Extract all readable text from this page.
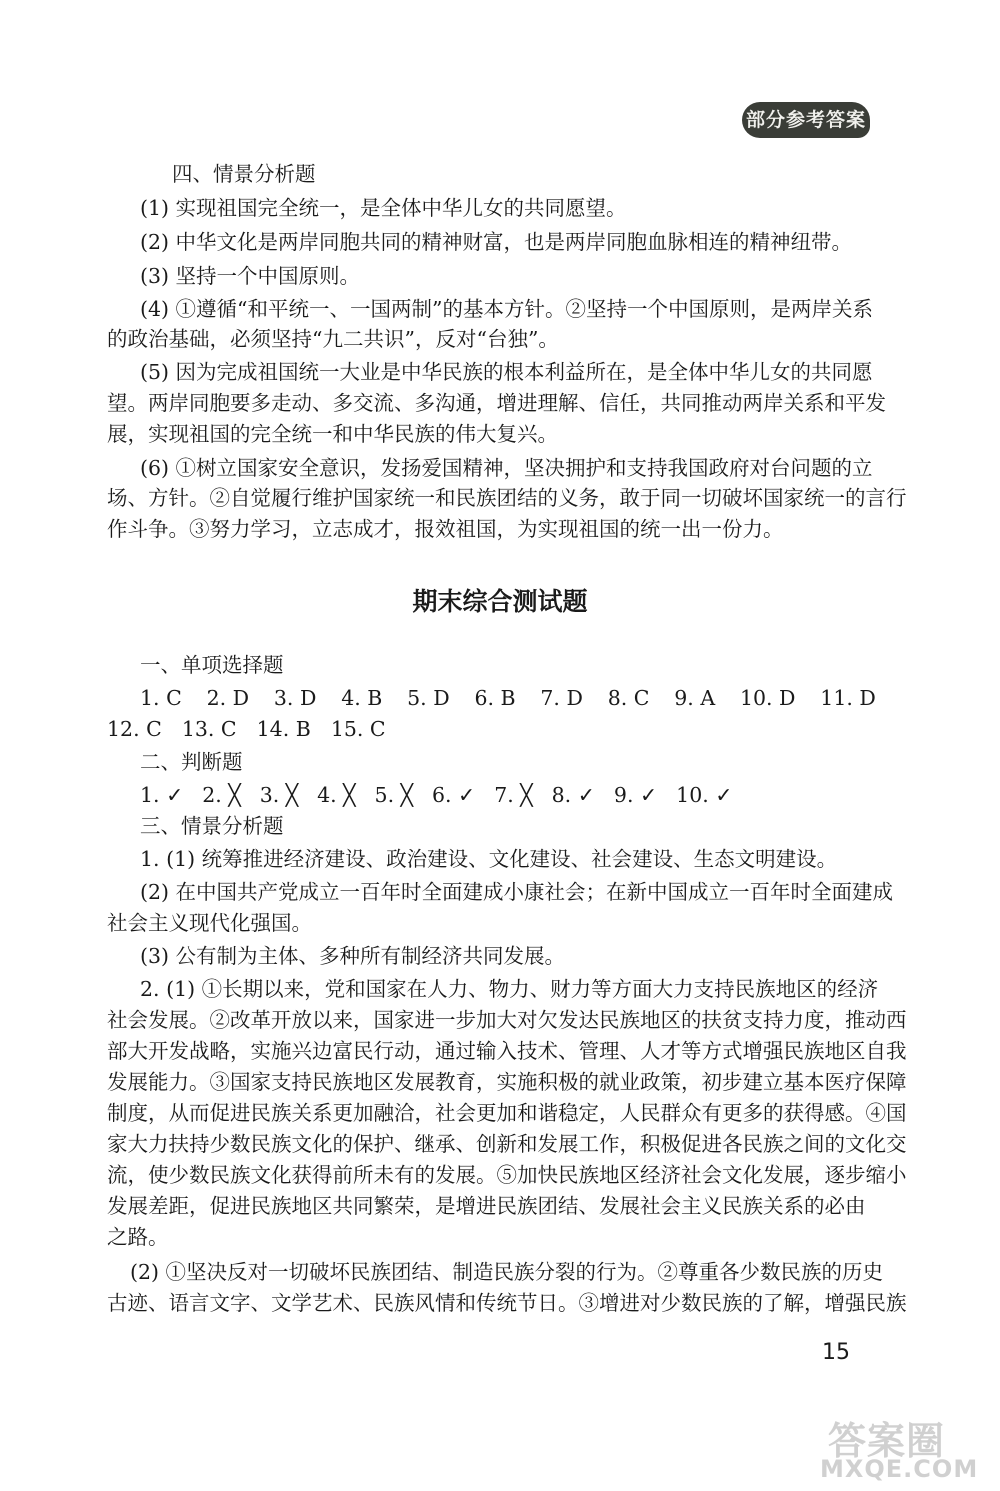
部分参考答案
四、情景分析题
(1) 实现祖国完全统一，是全体中华儿女的共同愿望。
(2) 中华文化是两岸同胞共同的精神财富，也是两岸同胞血脉相连的精神纽带。
(3) 坚持一个中国原则。
(4) ①遵循“和平统一、一国两制”的基本方针。②坚持一个中国原则，是两岸关系
的政治基础，必须坚持“九二共识”，反对“台独”。
(5) 因为完成祖国统一大业是中华民族的根本利益所在，是全体中华儿女的共同愿
望。两岸同胞要多走动、多交流、多沟通，增进理解、信任，共同推动两岸关系和平发
展，实现祖国的完全统一和中华民族的伟大复兴。
(6) ①树立国家安全意识，发扬爱国精神，坚决拥护和支持我国政府对台问题的立
场、方针。②自觉履行维护国家统一和民族团结的义务，敢于同一切破坏国家统一的言行
作斗争。③努力学习，立志成才，报效祖国，为实现祖国的统一出一份力。
期末综合测试题
一、单项选择题
1. C 2. D 3. D 4. B 5. D 6. B 7. D 8. C 9. A 10. D 11. D
12. C 13. C 14. B 15. C
二、判断题
1. ✓ 2. ╳ 3. ╳ 4. ╳ 5. ╳ 6. ✓ 7. ╳ 8. ✓ 9. ✓ 10. ✓
三、情景分析题
1. (1) 统筹推进经济建设、政治建设、文化建设、社会建设、生态文明建设。
(2) 在中国共产党成立一百年时全面建成小康社会；在新中国成立一百年时全面建成
社会主义现代化强国。
(3) 公有制为主体、多种所有制经济共同发展。
2. (1) ①长期以来，党和国家在人力、物力、财力等方面大力支持民族地区的经济
社会发展。②改革开放以来，国家进一步加大对欠发达民族地区的扶贫支持力度，推动西
部大开发战略，实施兴边富民行动，通过输入技术、管理、人才等方式增强民族地区自我
发展能力。③国家支持民族地区发展教育，实施积极的就业政策，初步建立基本医疗保障
制度，从而促进民族关系更加融洽，社会更加和谐稳定，人民群众有更多的获得感。④国
家大力扶持少数民族文化的保护、继承、创新和发展工作，积极促进各民族之间的文化交
流，使少数民族文化获得前所未有的发展。⑤加快民族地区经济社会文化发展，逐步缩小
发展差距，促进民族地区共同繁荣，是增进民族团结、发展社会主义民族关系的必由
之路。
(2) ①坚决反对一切破坏民族团结、制造民族分裂的行为。②尊重各少数民族的历史
古迹、语言文字、文学艺术、民族风情和传统节日。③增进对少数民族的了解，增强民族
15
答案圈
MXQE.COM
